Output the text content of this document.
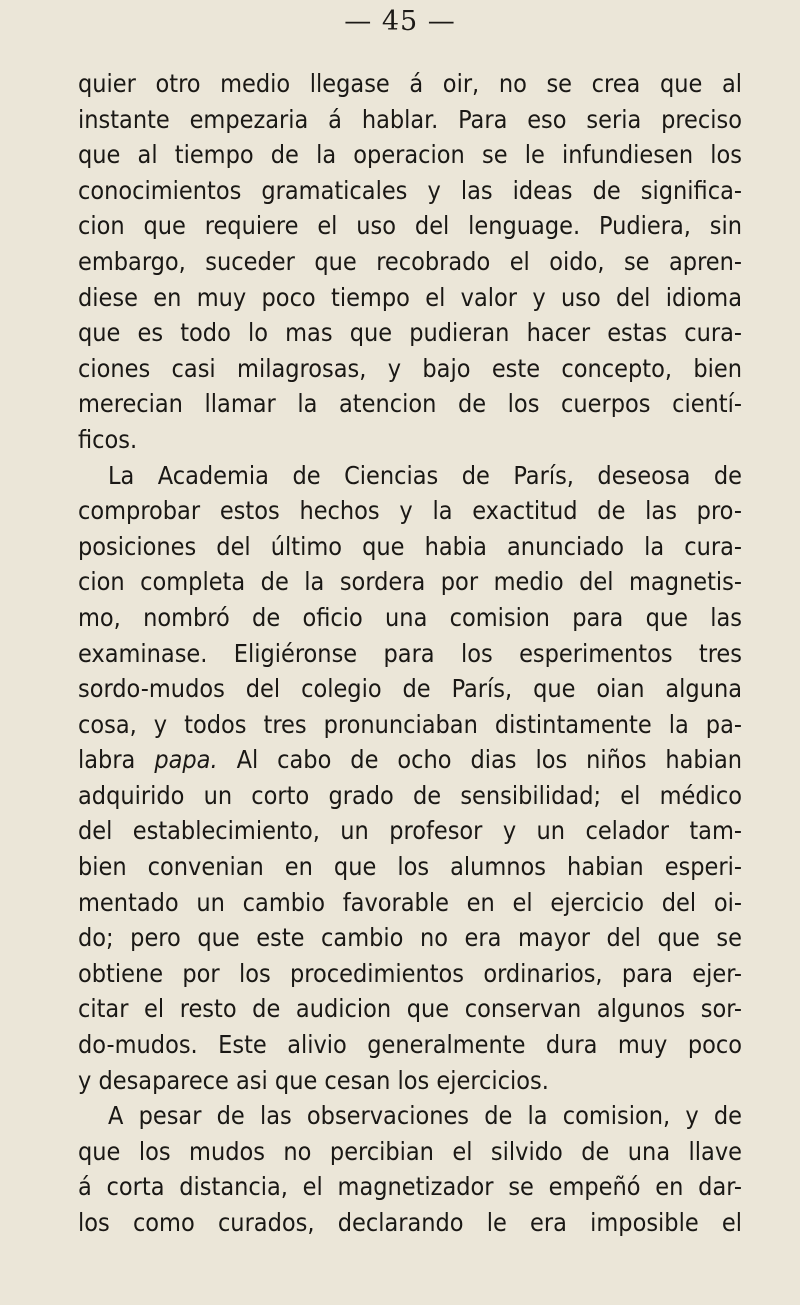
— 45 —
quier otro medio llegase á oir, no se crea que al
instante empezaria á hablar. Para eso seria preciso
que al tiempo de la operacion se le infundiesen los
conocimientos gramaticales y las ideas de significa-
cion que requiere el uso del lenguage. Pudiera, sin
embargo, suceder que recobrado el oido, se apren-
diese en muy poco tiempo el valor y uso del idioma
que es todo lo mas que pudieran hacer estas cura-
ciones casi milagrosas, y bajo este concepto, bien
merecian llamar la atencion de los cuerpos cientí-
ficos.
La Academia de Ciencias de París, deseosa de
comprobar estos hechos y la exactitud de las pro-
posiciones del último que habia anunciado la cura-
cion completa de la sordera por medio del magnetis-
mo, nombró de oficio una comision para que las
examinase. Eligiéronse para los esperimentos tres
sordo-mudos del colegio de París, que oian alguna
cosa, y todos tres pronunciaban distintamente la pa-
labra papa. Al cabo de ocho dias los niños habian
adquirido un corto grado de sensibilidad; el médico
del establecimiento, un profesor y un celador tam-
bien convenian en que los alumnos habian esperi-
mentado un cambio favorable en el ejercicio del oi-
do; pero que este cambio no era mayor del que se
obtiene por los procedimientos ordinarios, para ejer-
citar el resto de audicion que conservan algunos sor-
do-mudos. Este alivio generalmente dura muy poco
y desaparece asi que cesan los ejercicios.
A pesar de las observaciones de la comision, y de
que los mudos no percibian el silvido de una llave
á corta distancia, el magnetizador se empeñó en dar-
los como curados, declarando le era imposible el
